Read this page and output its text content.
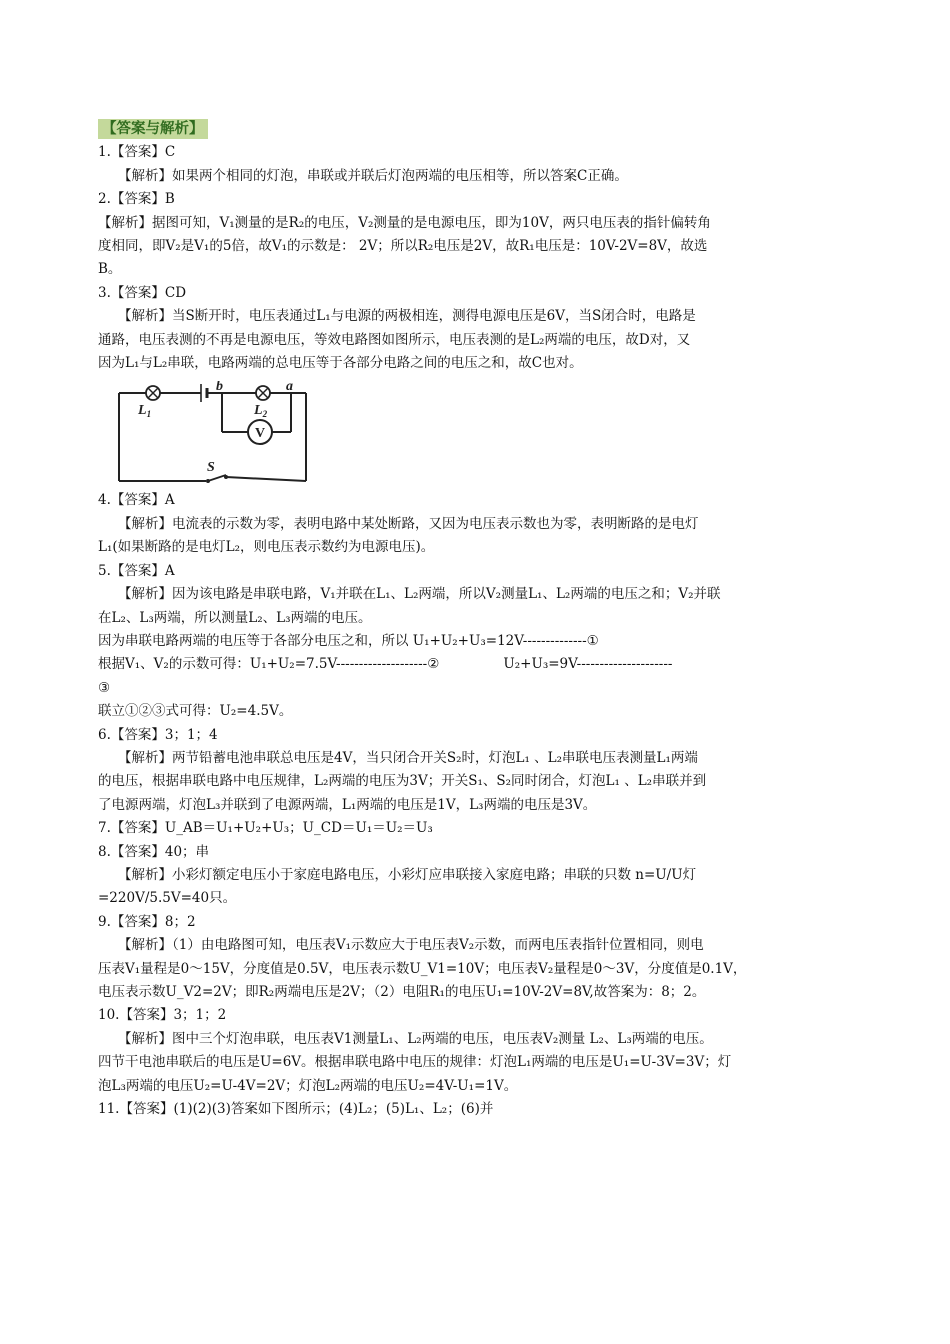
【答案与解析】
1.【答案】C
【解析】如果两个相同的灯泡，串联或并联后灯泡两端的电压相等，所以答案C正确。
2.【答案】B
【解析】据图可知，V₁测量的是R₂的电压，V₂测量的是电源电压，即为10V，两只电压表的指针偏转角
度相同，即V₂是V₁的5倍，故V₁的示数是： 2V；所以R₂电压是2V，故R₁电压是：10V-2V=8V，故选
B。
3.【答案】CD
【解析】当S断开时，电压表通过L₁与电源的两极相连，测得电源电压是6V，当S闭合时，电路是
通路，电压表测的不再是电源电压，等效电路图如图所示，电压表测的是L₂两端的电压，故D对，又
因为L₁与L₂串联，电路两端的总电压等于各部分电路之间的电压之和，故C也对。
V
$L_1$	$L_2$
b	a
S
4.【答案】A
【解析】电流表的示数为零，表明电路中某处断路，又因为电压表示数也为零，表明断路的是电灯
L₁(如果断路的是电灯L₂，则电压表示数约为电源电压)。
5.【答案】A
【解析】因为该电路是串联电路，V₁并联在L₁、L₂两端，所以V₂测量L₁、L₂两端的电压之和；V₂并联
在L₂、L₃两端，所以测量L₂、L₃两端的电压。
因为串联电路两端的电压等于各部分电压之和，所以 U₁+U₂+U₃=12V--------------①
根据V₁、V₂的示数可得：U₁+U₂=7.5V--------------------②	U₂+U₃=9V---------------------
③
联立①②③式可得：U₂=4.5V。
6.【答案】3；1；4
【解析】两节铅蓄电池串联总电压是4V，当只闭合开关S₂时，灯泡L₁ 、L₂串联电压表测量L₁两端
的电压，根据串联电路中电压规律，L₂两端的电压为3V；开关S₁、S₂同时闭合，灯泡L₁ 、L₂串联并到
了电源两端，灯泡L₃并联到了电源两端，L₁两端的电压是1V，L₃两端的电压是3V。
7.【答案】U_AB＝U₁+U₂+U₃；U_CD＝U₁＝U₂＝U₃
8.【答案】40；串
【解析】小彩灯额定电压小于家庭电路电压，小彩灯应串联接入家庭电路；串联的只数 n=U/U灯
=220V/5.5V=40只。
9.【答案】8；2
【解析】（1）由电路图可知，电压表V₁示数应大于电压表V₂示数，而两电压表指针位置相同，则电
压表V₁量程是0～15V，分度值是0.5V，电压表示数U_V1=10V；电压表V₂量程是0～3V，分度值是0.1V，
电压表示数U_V2=2V；即R₂两端电压是2V；（2）电阻R₁的电压U₁=10V-2V=8V,故答案为：8；2。
10.【答案】3；1；2
【解析】图中三个灯泡串联，电压表V1测量L₁、L₂两端的电压，电压表V₂测量 L₂、L₃两端的电压。
四节干电池串联后的电压是U=6V。根据串联电路中电压的规律：灯泡L₁两端的电压是U₁=U-3V=3V；灯
泡L₃两端的电压U₂=U-4V=2V；灯泡L₂两端的电压U₂=4V-U₁=1V。
11.【答案】(1)(2)(3)答案如下图所示；(4)L₂；(5)L₁、L₂；(6)并
